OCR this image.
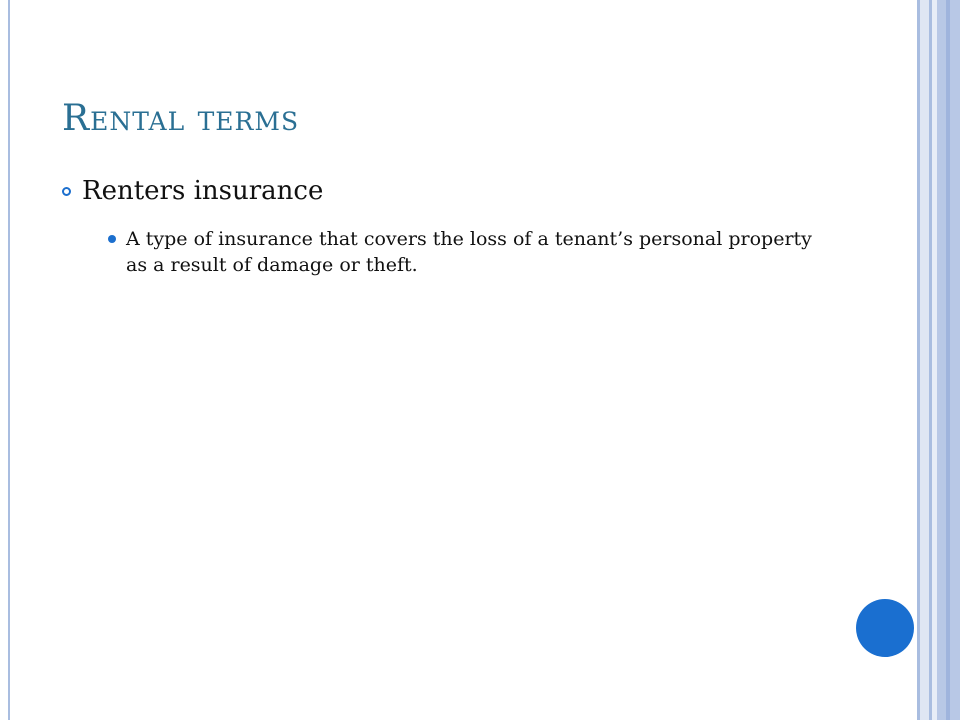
Rental terms
Renters insurance
A type of insurance that covers the loss of a tenant’s personal property as a result of damage or theft.
